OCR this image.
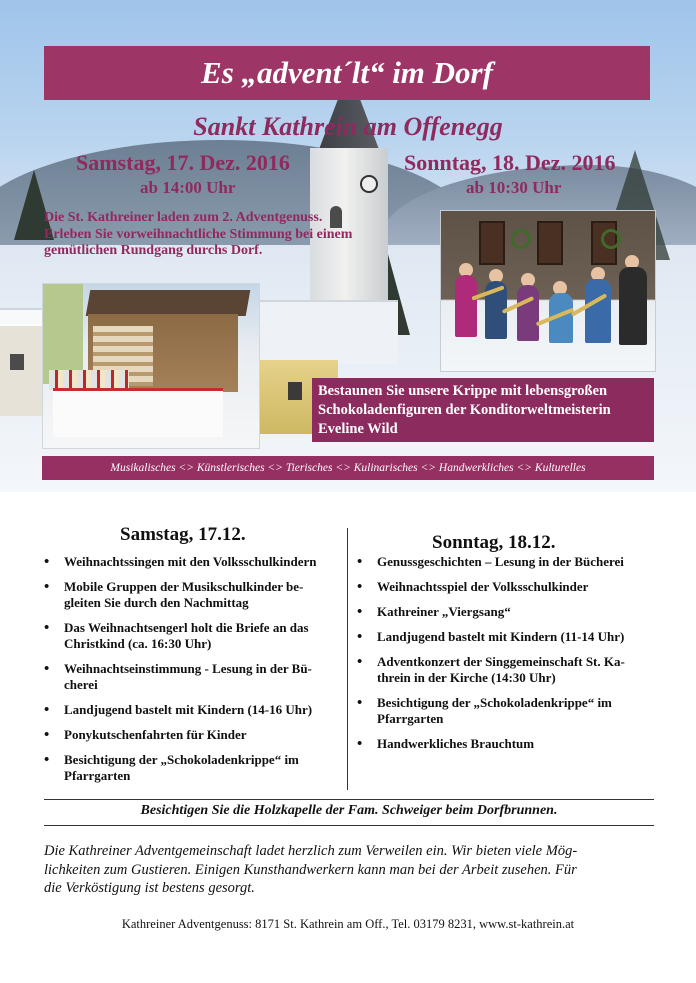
Es „advent´lt“ im Dorf
Sankt Kathrein am Offenegg
Samstag, 17. Dez. 2016
ab 14:00 Uhr
Sonntag, 18. Dez. 2016
ab 10:30 Uhr
Die St. Kathreiner laden zum 2. Adventgenuss.
Erleben Sie vorweihnachtliche Stimmung bei einem
gemütlichen Rundgang durchs Dorf.
Bestaunen Sie unsere Krippe mit lebensgroßen
Schokoladenfiguren der Konditorweltmeisterin
Eveline Wild
Musikalisches <> Künstlerisches <> Tierisches <> Kulinarisches <> Handwerkliches <> Kulturelles
Samstag, 17.12.	Sonntag, 18.12.
• Weihnachtssingen mit den Volksschulkindern
• Mobile Gruppen der Musikschulkinder be-
gleiten Sie durch den Nachmittag
• Das Weihnachtsengerl holt die Briefe an das
Christkind (ca. 16:30 Uhr)
• Weihnachtseinstimmung - Lesung in der Bü-
cherei
• Landjugend bastelt mit Kindern (14-16 Uhr)
• Ponykutschenfahrten für Kinder
• Besichtigung der „Schokoladenkrippe“ im
Pfarrgarten
• Genussgeschichten – Lesung in der Bücherei
• Weihnachtsspiel der Volksschulkinder
• Kathreiner „Viergsang“
• Landjugend bastelt mit Kindern (11-14 Uhr)
• Adventkonzert der Singgemeinschaft St. Ka-
threin in der Kirche (14:30 Uhr)
• Besichtigung der „Schokoladenkrippe“ im
Pfarrgarten
• Handwerkliches Brauchtum
Besichtigen Sie die Holzkapelle der Fam. Schweiger beim Dorfbrunnen.
Die Kathreiner Adventgemeinschaft ladet herzlich zum Verweilen ein. Wir bieten viele Mög-
lichkeiten zum Gustieren. Einigen Kunsthandwerkern kann man bei der Arbeit zusehen. Für
die Verköstigung ist bestens gesorgt.
Kathreiner Adventgenuss: 8171 St. Kathrein am Off., Tel. 03179 8231, www.st-kathrein.at
